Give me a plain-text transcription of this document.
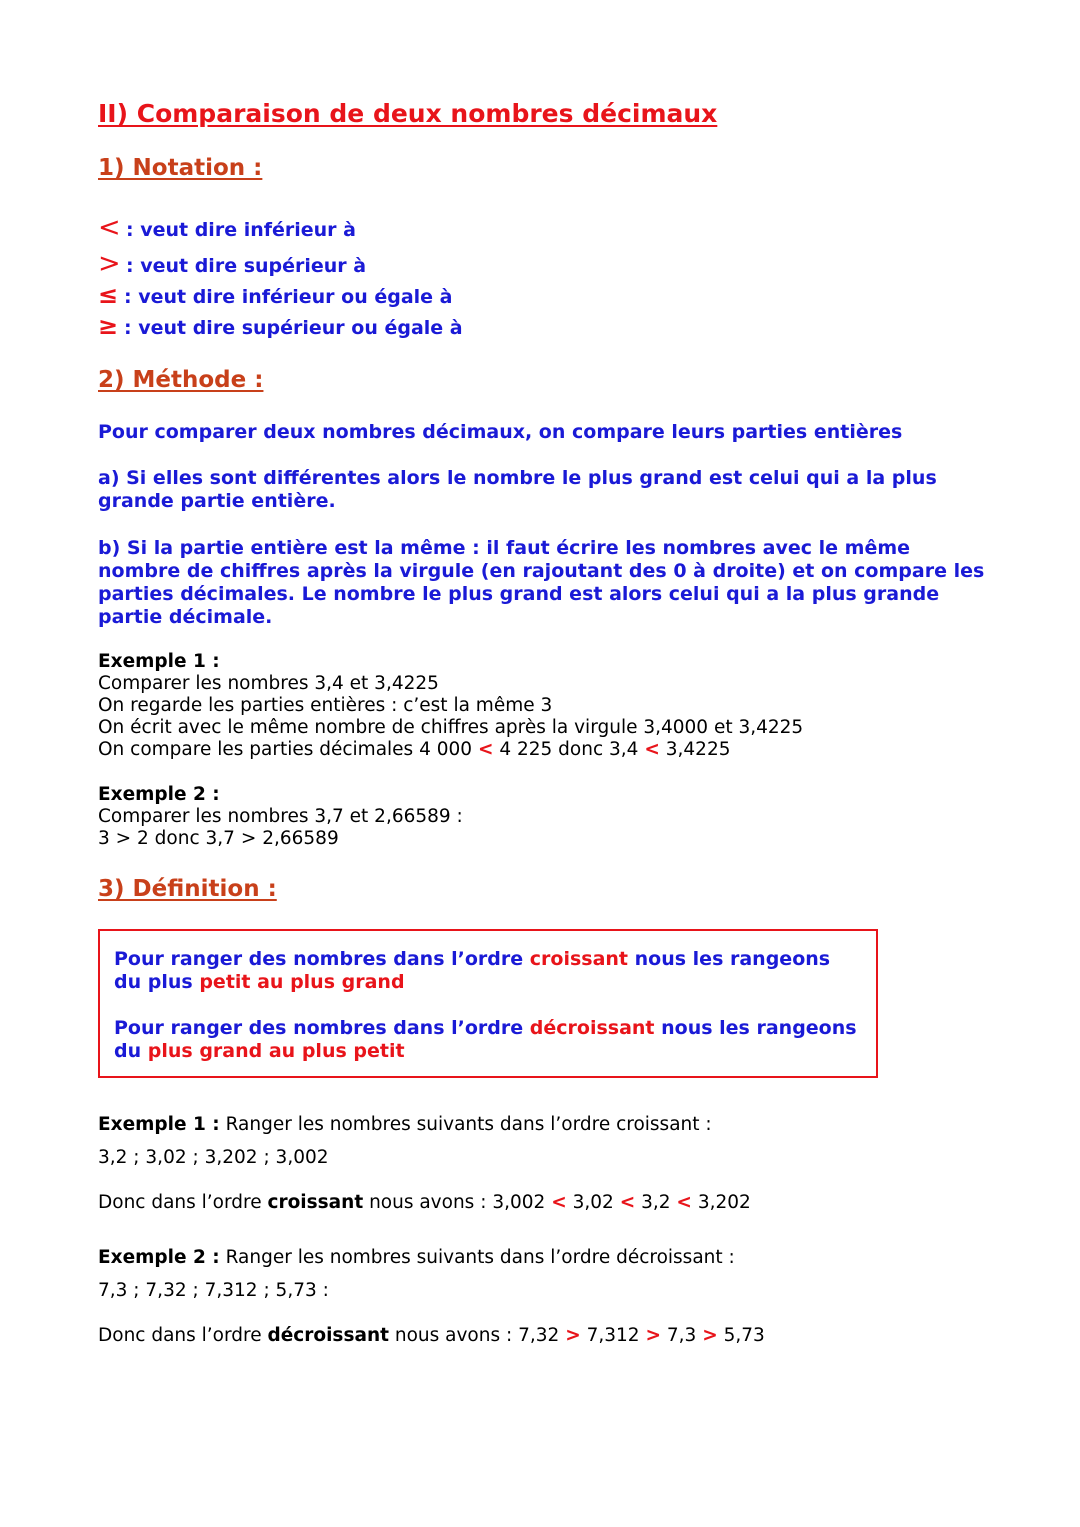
II) Comparaison de deux nombres décimaux
1) Notation :
< : veut dire inférieur à
> : veut dire supérieur à
≤ : veut dire inférieur ou égale à
≥ : veut dire supérieur ou égale à
2) Méthode :
Pour comparer deux nombres décimaux, on compare leurs parties entières
a) Si elles sont différentes alors le nombre le plus grand est celui qui a la plus grande partie entière.
b) Si la partie entière est la même : il faut écrire les nombres avec le même nombre de chiffres après la virgule (en rajoutant des 0 à droite) et on compare les parties décimales. Le nombre le plus grand est alors celui qui a la plus grande partie décimale.
Exemple 1 :
Comparer les nombres 3,4 et 3,4225
On regarde les parties entières : c’est la même 3
On écrit avec le même nombre de chiffres après la virgule 3,4000 et 3,4225
On compare les parties décimales 4 000 < 4 225 donc 3,4 < 3,4225
Exemple 2 :
Comparer les nombres 3,7 et 2,66589 :
3 > 2 donc 3,7 > 2,66589
3) Définition :
Pour ranger des nombres dans l’ordre croissant nous les rangeons
du plus petit au plus grand
Pour ranger des nombres dans l’ordre décroissant nous les rangeons
du plus grand au plus petit
Exemple 1 : Ranger les nombres suivants dans l’ordre croissant :
3,2 ; 3,02 ; 3,202 ; 3,002
Donc dans l’ordre croissant nous avons : 3,002 < 3,02 < 3,2 < 3,202
Exemple 2 : Ranger les nombres suivants dans l’ordre décroissant :
7,3 ; 7,32 ; 7,312 ; 5,73 :
Donc dans l’ordre décroissant nous avons : 7,32 > 7,312 > 7,3 > 5,73
